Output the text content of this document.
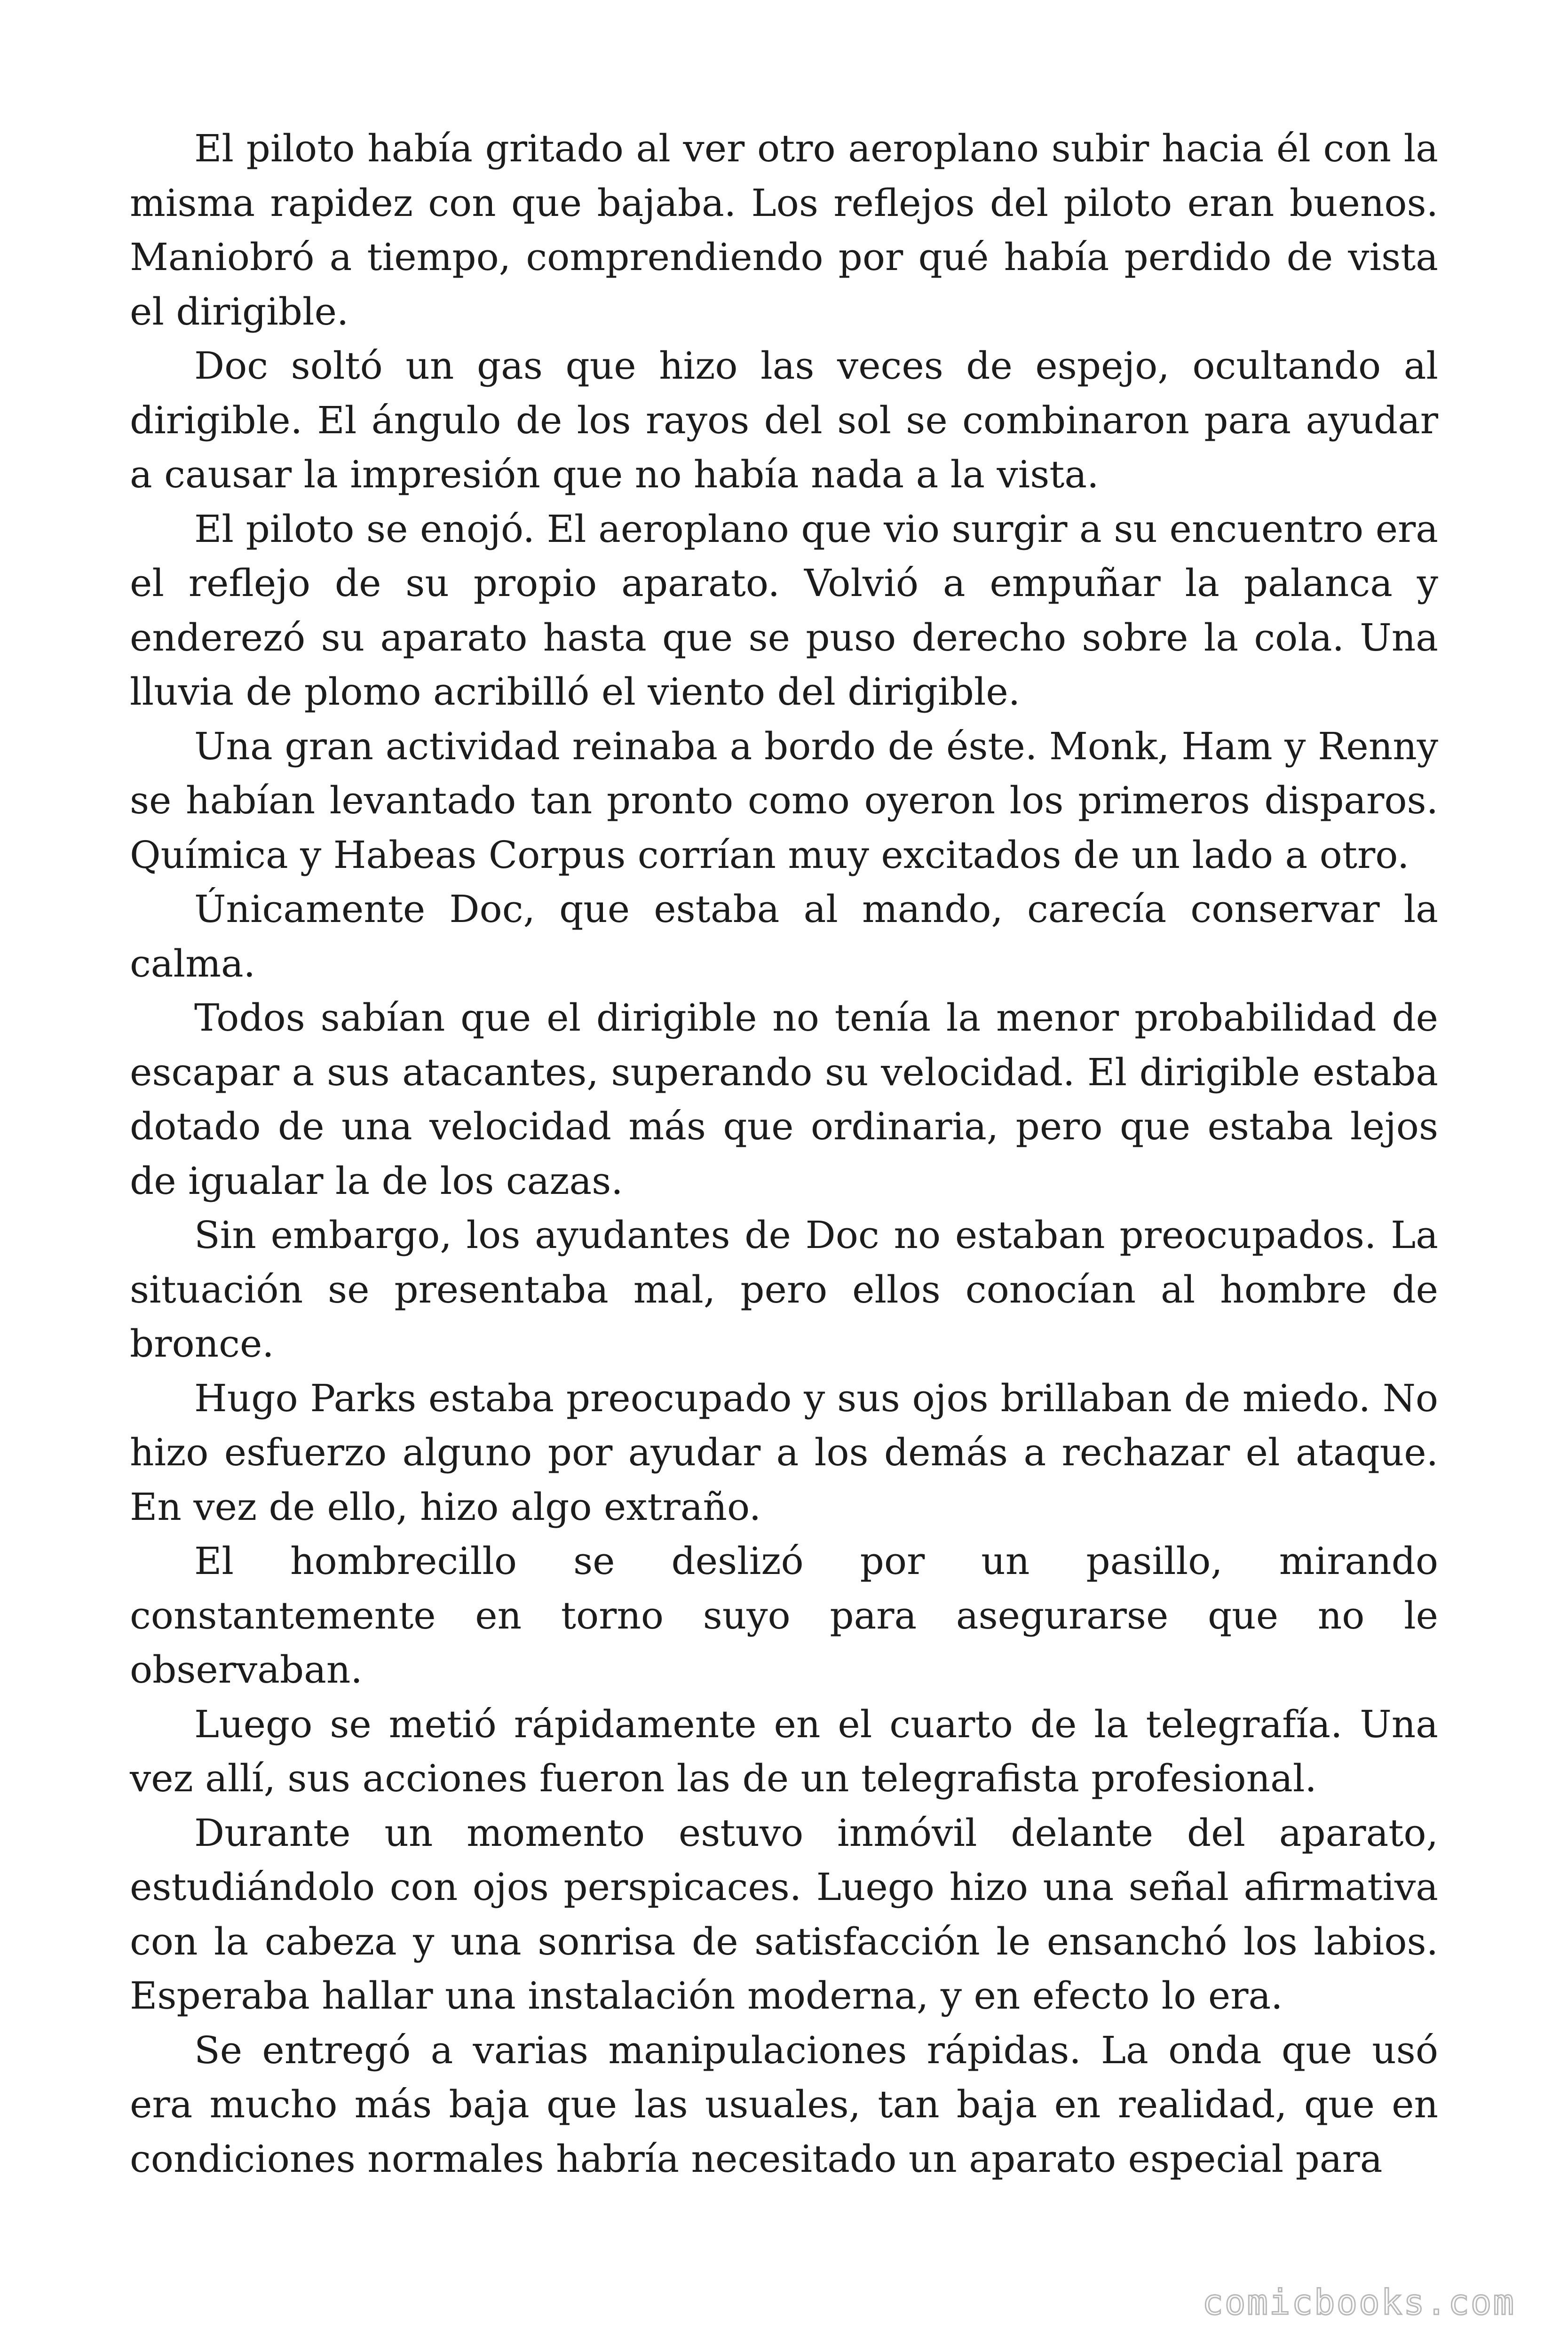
El piloto había gritado al ver otro aeroplano subir hacia él con la misma rapidez con que bajaba. Los reflejos del piloto eran buenos. Maniobró a tiempo, comprendiendo por qué había perdido de vista el dirigible.

Doc soltó un gas que hizo las veces de espejo, ocultando al dirigible. El ángulo de los rayos del sol se combinaron para ayudar a causar la impresión que no había nada a la vista.

El piloto se enojó. El aeroplano que vio surgir a su encuentro era el reflejo de su propio aparato. Volvió a empuñar la palanca y enderezó su aparato hasta que se puso derecho sobre la cola. Una lluvia de plomo acribilló el viento del dirigible.

Una gran actividad reinaba a bordo de éste. Monk, Ham y Renny se habían levantado tan pronto como oyeron los primeros disparos. Química y Habeas Corpus corrían muy excitados de un lado a otro.

Únicamente Doc, que estaba al mando, carecía conservar la calma.

Todos sabían que el dirigible no tenía la menor probabilidad de escapar a sus atacantes, superando su velocidad. El dirigible estaba dotado de una velocidad más que ordinaria, pero que estaba lejos de igualar la de los cazas.

Sin embargo, los ayudantes de Doc no estaban preocupados. La situación se presentaba mal, pero ellos conocían al hombre de bronce.

Hugo Parks estaba preocupado y sus ojos brillaban de miedo. No hizo esfuerzo alguno por ayudar a los demás a rechazar el ataque. En vez de ello, hizo algo extraño.

El hombrecillo se deslizó por un pasillo, mirando constantemente en torno suyo para asegurarse que no le observaban.

Luego se metió rápidamente en el cuarto de la telegrafía. Una vez allí, sus acciones fueron las de un telegrafista profesional.

Durante un momento estuvo inmóvil delante del aparato, estudiándolo con ojos perspicaces. Luego hizo una señal afirmativa con la cabeza y una sonrisa de satisfacción le ensanchó los labios. Esperaba hallar una instalación moderna, y en efecto lo era.

Se entregó a varias manipulaciones rápidas. La onda que usó era mucho más baja que las usuales, tan baja en realidad, que en condiciones normales habría necesitado un aparato especial para

comicbooks.com
